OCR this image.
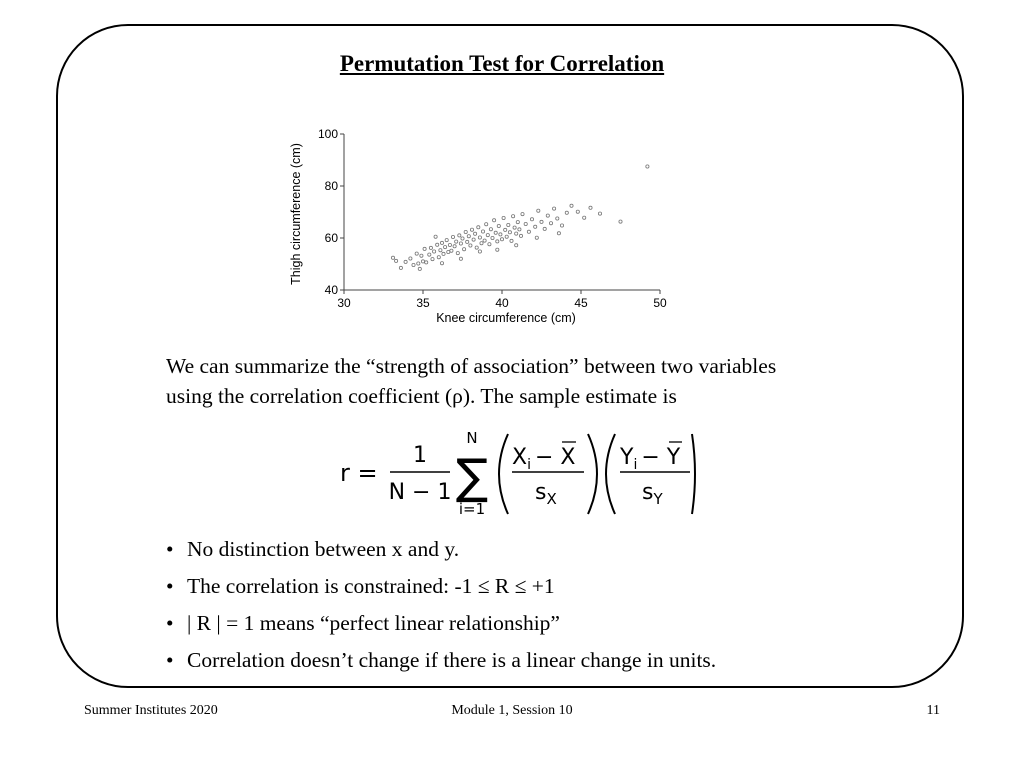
Permutation Test for Correlation
40
60
80
100
30	35	40	45	50
Knee circumference (cm)
Thigh circumference (cm)

We can summarize the “strength of association” between two variables

using the correlation coefficient (ρ). The sample estimate is

r =
1
N − 1
N
∑
i=1
$X_i - X$
$s_X$
$Y_i - Y$
$s_Y$
• No distinction between x and y.
• The correlation is constrained: -1 ≤ R ≤ +1
• | R | = 1 means “perfect linear relationship”
• Correlation doesn’t change if there is a linear change in units.
Summer Institutes 2020	Module 1, Session 10	11
